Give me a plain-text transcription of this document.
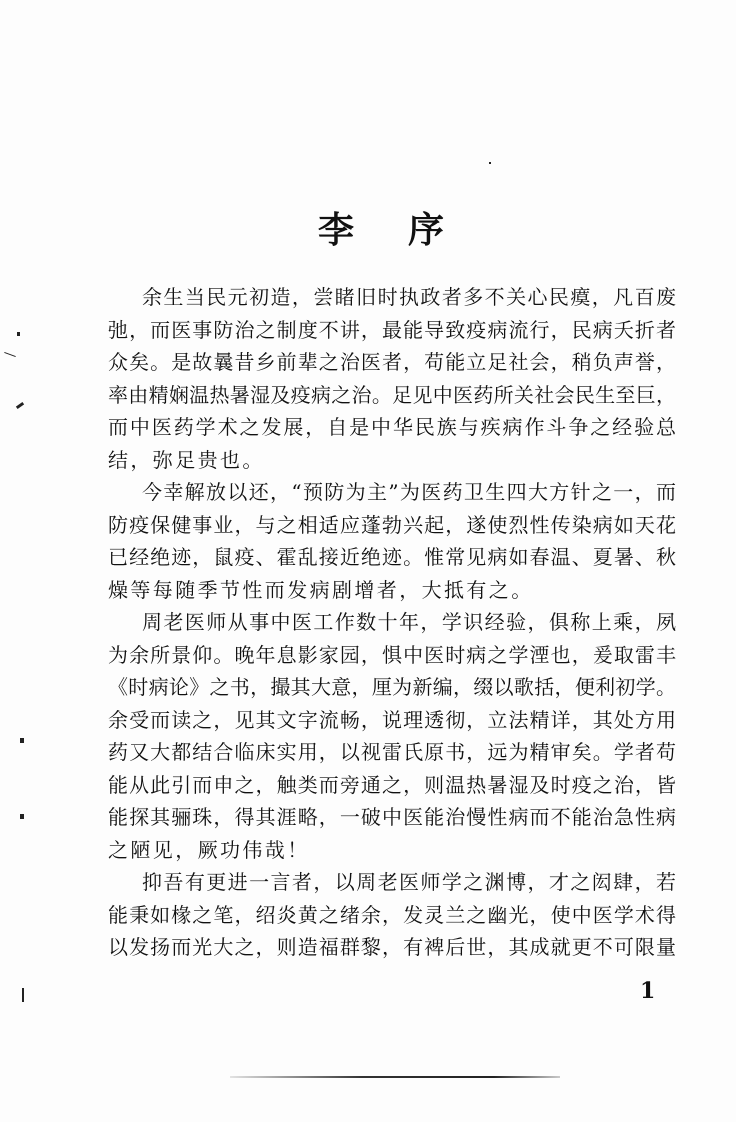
李 序
余生当民元初造，尝睹旧时执政者多不关心民瘼，凡百废
弛，而医事防治之制度不讲，最能导致疫病流行，民病夭折者
众矣。是故曩昔乡前辈之治医者，苟能立足社会，稍负声誉，
率由精娴温热暑湿及疫病之治。足见中医药所关社会民生至巨，
而中医药学术之发展，自是中华民族与疾病作斗争之经验总
结，弥足贵也。
今幸解放以还，“预防为主”为医药卫生四大方针之一，而
防疫保健事业，与之相适应蓬勃兴起，遂使烈性传染病如天花
已经绝迹，鼠疫、霍乱接近绝迹。惟常见病如春温、夏暑、秋
燥等每随季节性而发病剧增者，大抵有之。
周老医师从事中医工作数十年，学识经验，俱称上乘，夙
为余所景仰。晚年息影家园，惧中医时病之学湮也，爰取雷丰
《时病论》之书，撮其大意，厘为新编，缀以歌括，便利初学。
余受而读之，见其文字流畅，说理透彻，立法精详，其处方用
药又大都结合临床实用，以视雷氏原书，远为精审矣。学者苟
能从此引而申之，触类而旁通之，则温热暑湿及时疫之治，皆
能探其骊珠，得其涯略，一破中医能治慢性病而不能治急性病
之陋见，厥功伟哉！
抑吾有更进一言者，以周老医师学之渊博，才之闳肆，若
能秉如椽之笔，绍炎黄之绪余，发灵兰之幽光，使中医学术得
以发扬而光大之，则造福群黎，有裨后世，其成就更不可限量
1
